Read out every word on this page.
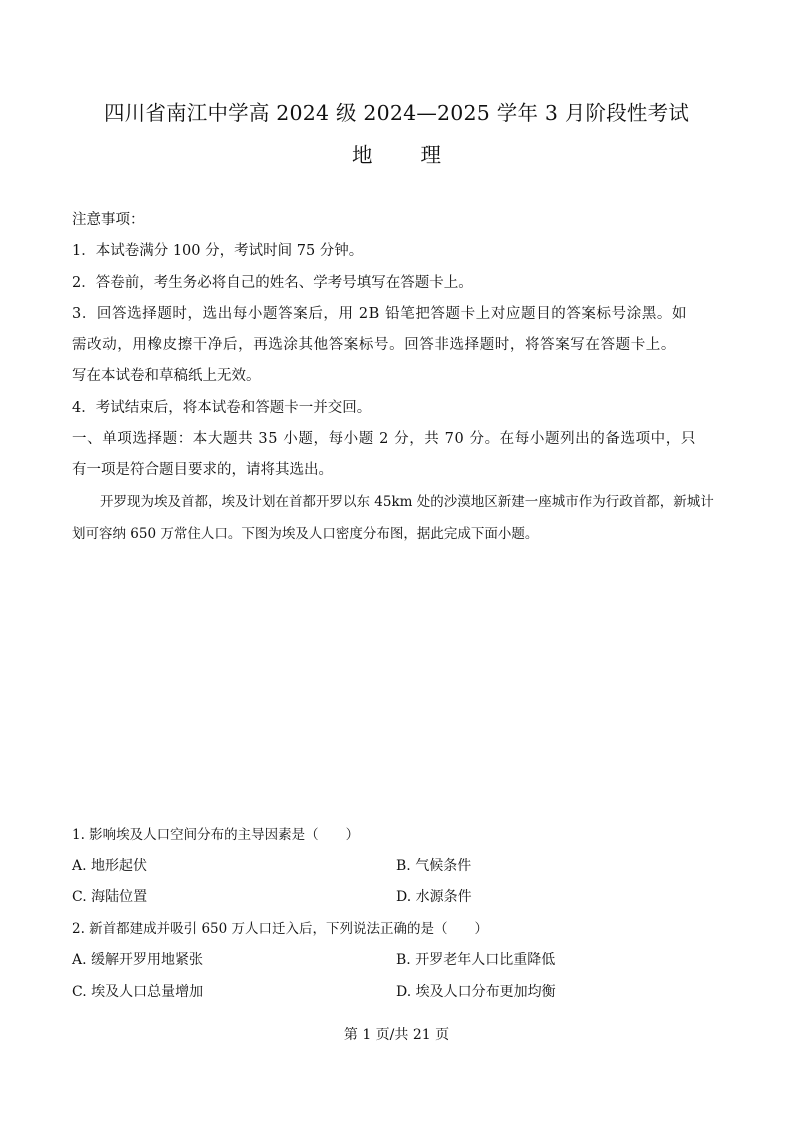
四川省南江中学高 2024 级 2024—2025 学年 3 月阶段性考试
地 理
注意事项：
1．本试卷满分 100 分，考试时间 75 分钟。
2．答卷前，考生务必将自己的姓名、学考号填写在答题卡上。
3．回答选择题时，选出每小题答案后，用 2B 铅笔把答题卡上对应题目的答案标号涂黑。如
需改动，用橡皮擦干净后，再选涂其他答案标号。回答非选择题时，将答案写在答题卡上。
写在本试卷和草稿纸上无效。
4．考试结束后，将本试卷和答题卡一并交回。
一、单项选择题：本大题共 35 小题，每小题 2 分，共 70 分。在每小题列出的备选项中，只
有一项是符合题目要求的，请将其选出。
开罗现为埃及首都，埃及计划在首都开罗以东 45km 处的沙漠地区新建一座城市作为行政首都，新城计
划可容纳 650 万常住人口。下图为埃及人口密度分布图，据此完成下面小题。
1. 影响埃及人口空间分布的主导因素是（　　）
A. 地形起伏	B. 气候条件
C. 海陆位置	D. 水源条件
2. 新首都建成并吸引 650 万人口迁入后，下列说法正确的是（　　）
A. 缓解开罗用地紧张	B. 开罗老年人口比重降低
C. 埃及人口总量增加	D. 埃及人口分布更加均衡
第 1 页/共 21 页
